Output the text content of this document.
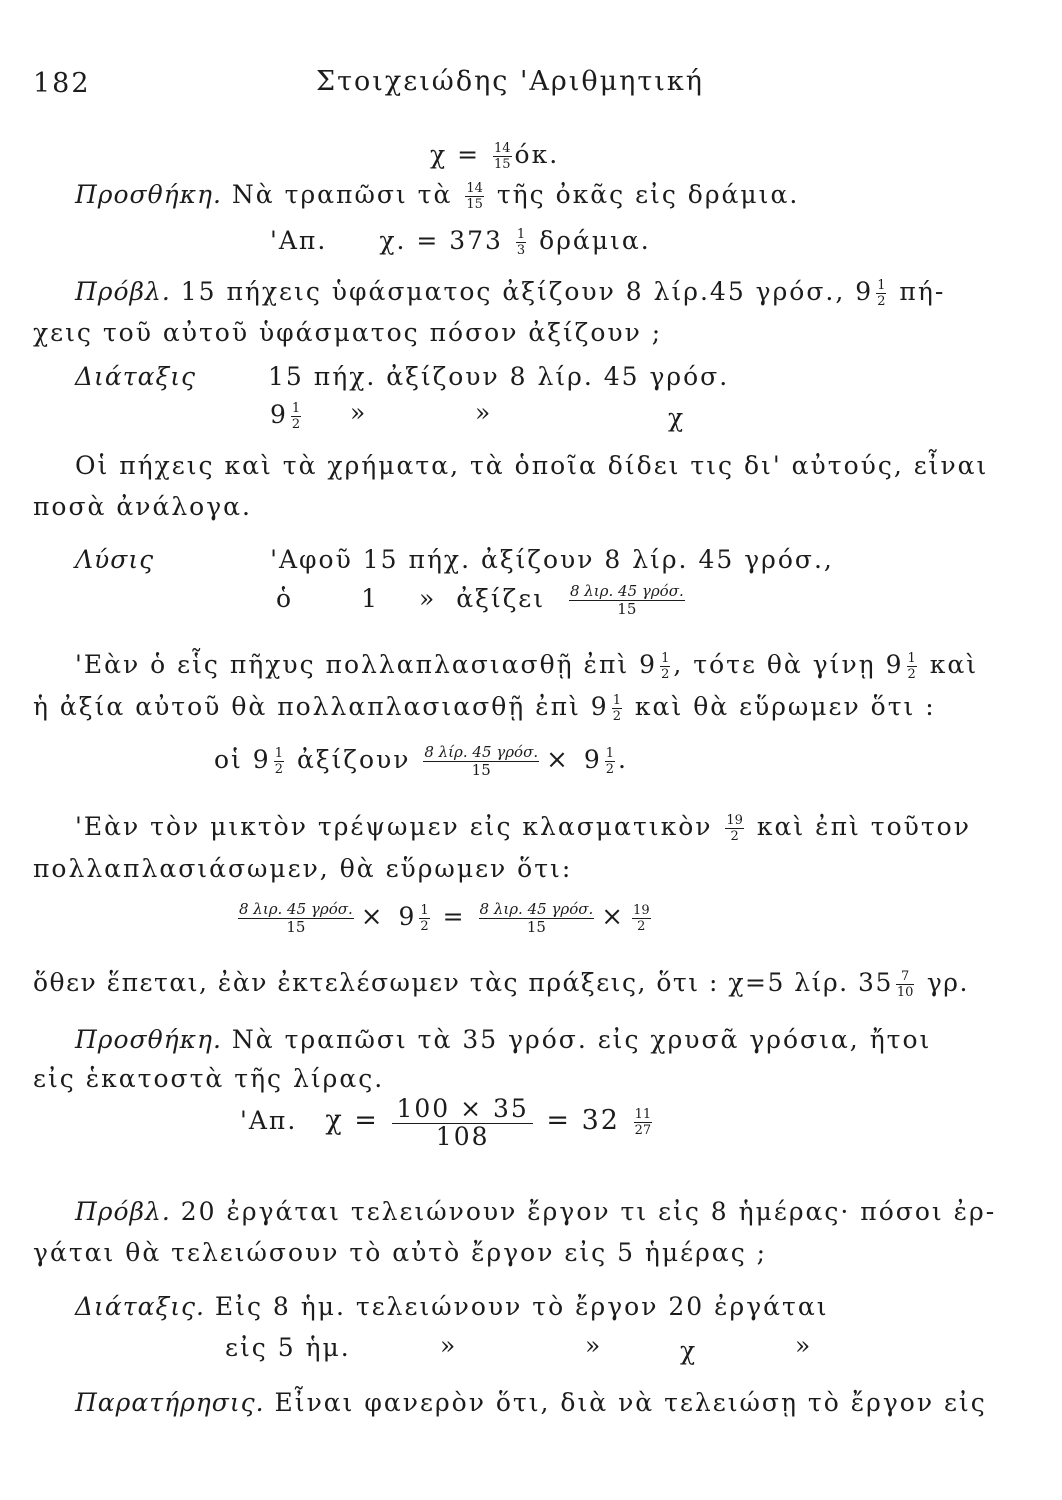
182	Στοιχειώδης 'Αριθμητική
$\chi = \frac{14}{15} ό\kappa$.
Προσθήκη. Νὰ τραπῶσι τὰ $\frac{14}{15}$ τῆς ὀκᾶς εἰς δράμια.
'Απ. χ. = $373 \frac{1}{3} \delta\rho ά\mu\iota\alpha$.
Πρόβλ. 15 πήχεις ὑφάσματος ἀξίζουν 8 λίρ.45 γρόσ., $9 \frac{1}{2} \pi ή-$
χεις τοῦ αὐτοῦ ὑφάσματος πόσον ἀξίζουν ;
Διάταξις	15 πήχ. ἀξίζουν 8 λίρ. 45 γρόσ.
$9 \frac{1}{2}$ »	»	χ
Οἱ πήχεις καὶ τὰ χρήματα, τὰ ὁποῖα δίδει τις δι' αὐτούς, εἶναι
ποσὰ ἀνάλογα.
Λύσις	'Αφοῦ 15 πήχ. ἀξίζουν 8 λίρ. 45 γρόσ.,
ὁ	1 » ἀξίζει $\frac{\text{8 λιρ. 45 γρόσ.}}{15}$
'Εὰν ὁ εἷς πῆχυς πολλαπλασιασθῇ ἐπὶ $9 \frac{1}{2}$ , τότε θὰ γίνῃ $9 \frac{1}{2}$ καὶ
ἡ ἀξία αὐτοῦ θὰ πολλαπλασιασθῇ ἐπὶ $9 \frac{1}{2}$ καὶ θὰ εὕρωμεν ὅτι :
οἱ $9 \frac{1}{2}$ ἀξίζουν $\frac{\text{8 λίρ. 45 γρόσ.}}{15} \times 9 \frac{1}{2}$ .
'Εὰν τὸν μικτὸν τρέψωμεν εἰς κλασματικὸν $\frac{19}{2}$ καὶ ἐπὶ τοῦτον
πολλαπλασιάσωμεν, θὰ εὕρωμεν ὅτι:
$\frac{\text{8 λιρ. 45 γρόσ.}}{15} \times 9 \frac{1}{2} = \frac{\text{8 λιρ. 45 γρόσ.}}{15} \times \frac{19}{2}$
ὅθεν ἕπεται, ἐὰν ἐκτελέσωμεν τὰς πράξεις, ὅτι : χ=5 λίρ. $35 \frac{7}{10} \gamma\rho$.
Προσθήκη. Νὰ τραπῶσι τὰ 35 γρόσ. εἰς χρυσᾶ γρόσια, ἤτοι
εἰς ἑκατοστὰ τῆς λίρας.
'Απ. $\chi = \frac{100 \times 35}{108} = 32 \frac{11}{27}$
Πρόβλ. 20 ἐργάται τελειώνουν ἔργον τι εἰς 8 ἡμέρας· πόσοι ἐρ-
γάται θὰ τελειώσουν τὸ αὐτὸ ἔργον εἰς 5 ἡμέρας ;
Διάταξις. Εἰς 8 ἡμ. τελειώνουν τὸ ἔργον 20 ἐργάται
εἰς 5 ἡμ.	»	»	χ	»
Παρατήρησις. Εἶναι φανερὸν ὅτι, διὰ νὰ τελειώσῃ τὸ ἔργον εἰς
